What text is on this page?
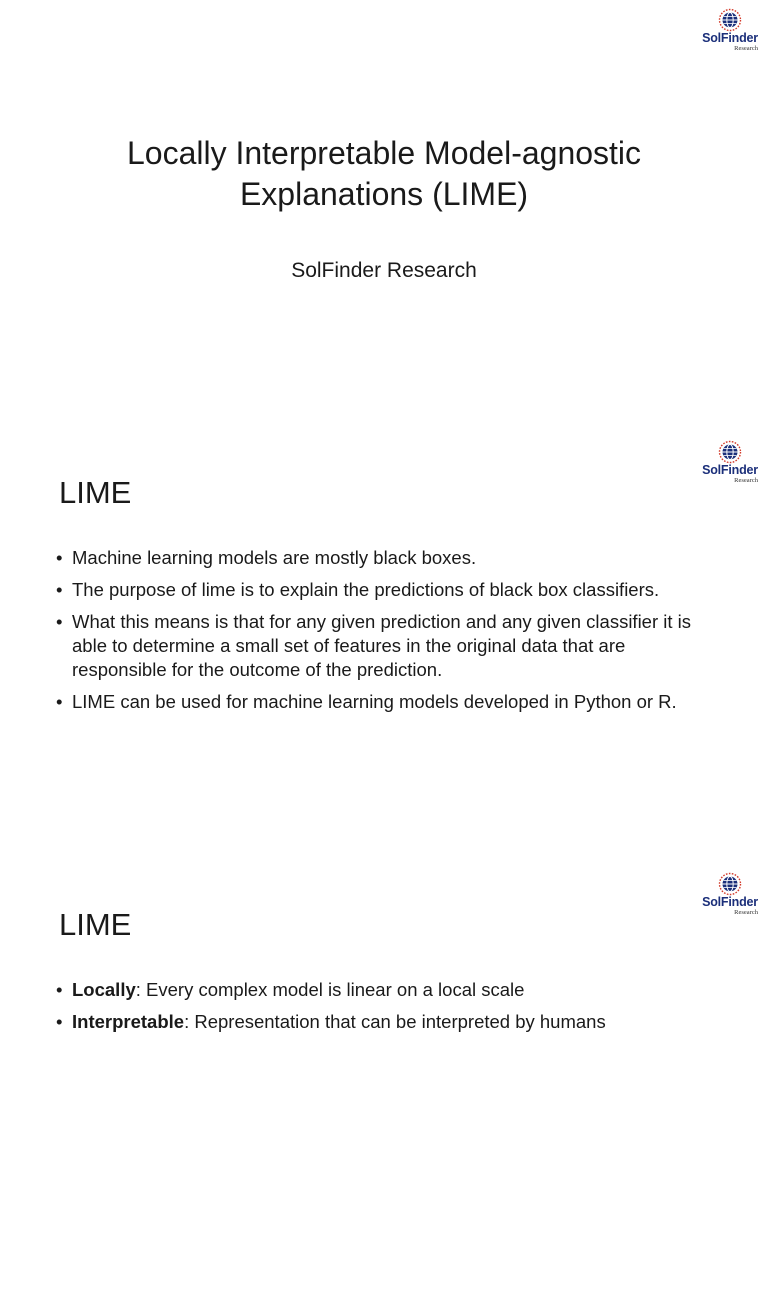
SolFinder
Research
Locally Interpretable Model-agnostic Explanations (LIME)

SolFinder Research

SolFinder
Research
LIME
• Machine learning models are mostly black boxes.
• The purpose of lime is to explain the predictions of black box classifiers.
• What this means is that for any given prediction and any given classifier it is able to determine a small set of features in the original data that are responsible for the outcome of the prediction.
• LIME can be used for machine learning models developed in Python or R.
SolFinder
Research
LIME
• Locally: Every complex model is linear on a local scale
• Interpretable: Representation that can be interpreted by humans
